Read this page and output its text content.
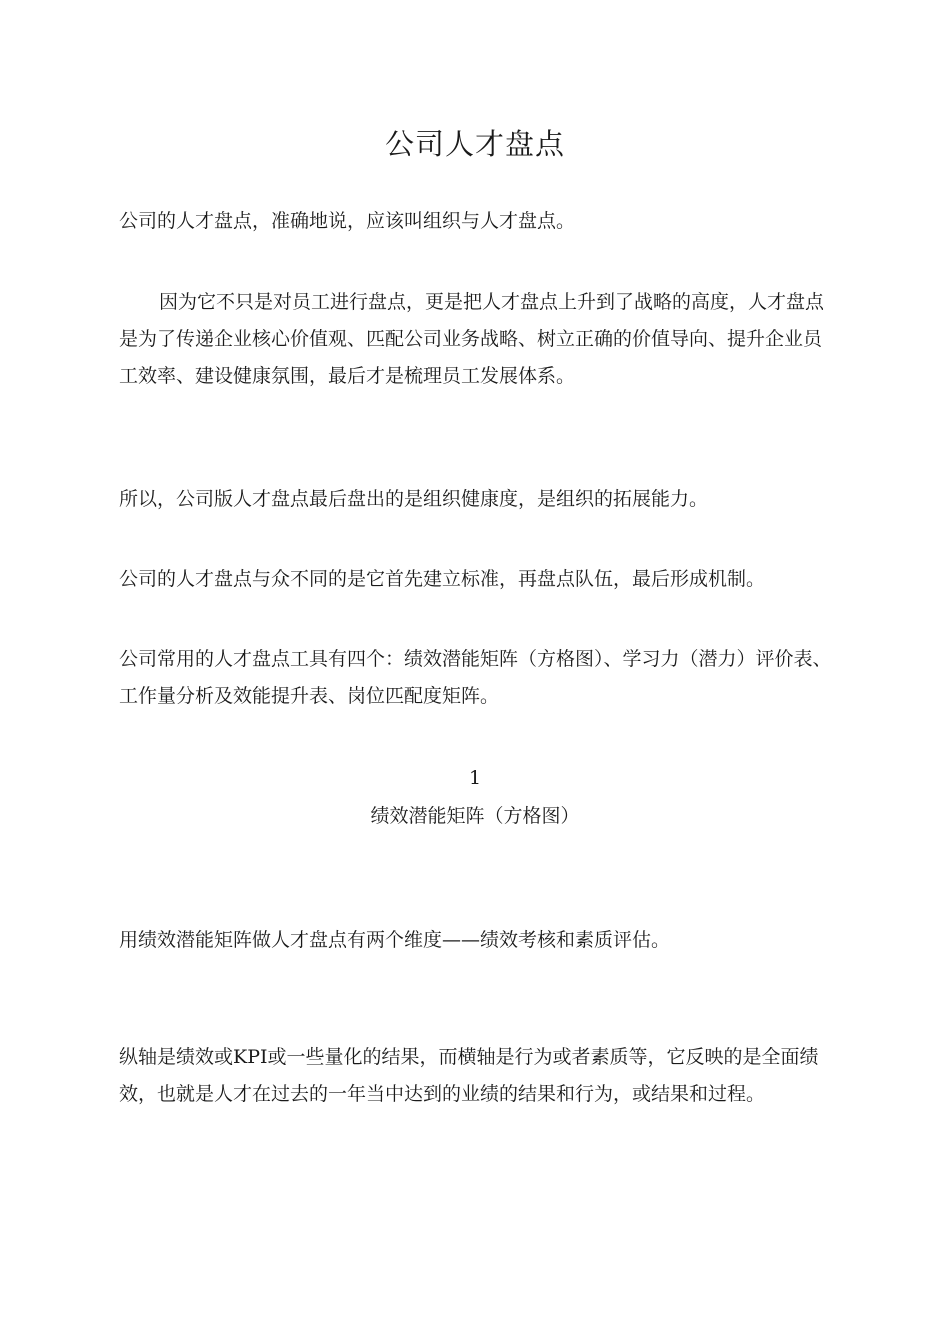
公司人才盘点

公司的人才盘点，准确地说，应该叫组织与人才盘点。

因为它不只是对员工进行盘点，更是把人才盘点上升到了战略的高度，人才盘点是为了传递企业核心价值观、匹配公司业务战略、树立正确的价值导向、提升企业员工效率、建设健康氛围，最后才是梳理员工发展体系。

所以，公司版人才盘点最后盘出的是组织健康度，是组织的拓展能力。

公司的人才盘点与众不同的是它首先建立标准，再盘点队伍，最后形成机制。

公司常用的人才盘点工具有四个：绩效潜能矩阵（方格图）、学习力（潜力）评价表、工作量分析及效能提升表、岗位匹配度矩阵。

1
绩效潜能矩阵（方格图）

用绩效潜能矩阵做人才盘点有两个维度——绩效考核和素质评估。

纵轴是绩效或KPI或一些量化的结果，而横轴是行为或者素质等，它反映的是全面绩效，也就是人才在过去的一年当中达到的业绩的结果和行为，或结果和过程。
